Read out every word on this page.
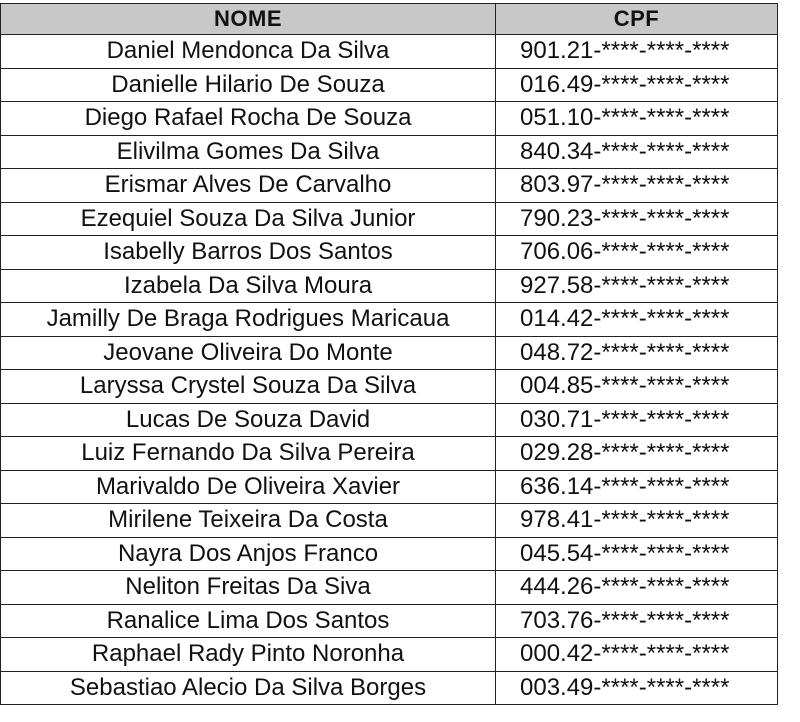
NOME	CPF
Daniel Mendonca Da Silva	901.21-****-****-****
Danielle Hilario De Souza	016.49-****-****-****
Diego Rafael Rocha De Souza	051.10-****-****-****
Elivilma Gomes Da Silva	840.34-****-****-****
Erismar Alves De Carvalho	803.97-****-****-****
Ezequiel Souza Da Silva Junior	790.23-****-****-****
Isabelly Barros Dos Santos	706.06-****-****-****
Izabela Da Silva Moura	927.58-****-****-****
Jamilly De Braga Rodrigues Maricaua	014.42-****-****-****
Jeovane Oliveira Do Monte	048.72-****-****-****
Laryssa Crystel Souza Da Silva	004.85-****-****-****
Lucas De Souza David	030.71-****-****-****
Luiz Fernando Da Silva Pereira	029.28-****-****-****
Marivaldo De Oliveira Xavier	636.14-****-****-****
Mirilene Teixeira Da Costa	978.41-****-****-****
Nayra Dos Anjos Franco	045.54-****-****-****
Neliton Freitas Da Siva	444.26-****-****-****
Ranalice Lima Dos Santos	703.76-****-****-****
Raphael Rady Pinto Noronha	000.42-****-****-****
Sebastiao Alecio Da Silva Borges	003.49-****-****-****
